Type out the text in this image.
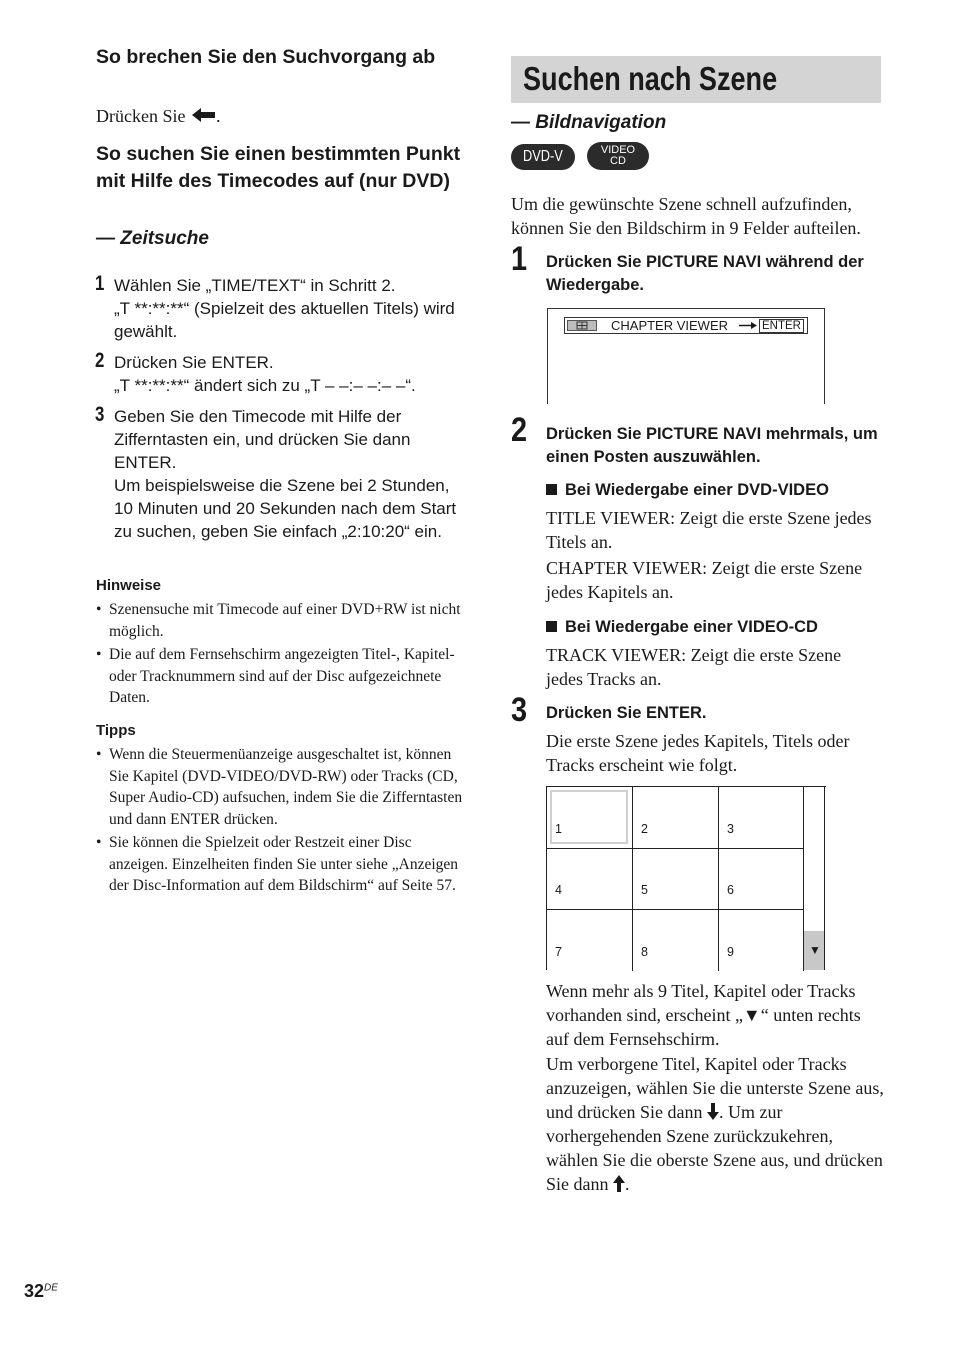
So brechen Sie den Suchvorgang ab
Drücken Sie .
So suchen Sie einen bestimmten Punkt mit Hilfe des Timecodes auf (nur DVD)
— Zeitsuche
1 Wählen Sie „TIME/TEXT“ in Schritt 2.

„T **:**:**“ (Spielzeit des aktuellen Titels) wird gewählt.

2 Drücken Sie ENTER.

„T **:**:**“ ändert sich zu „T – –:– –:– –“.

3 Geben Sie den Timecode mit Hilfe der Zifferntasten ein, und drücken Sie dann ENTER.

Um beispielsweise die Szene bei 2 Stunden, 10 Minuten und 20 Sekunden nach dem Start zu suchen, geben Sie einfach „2:10:20“ ein.

Hinweise
• Szenensuche mit Timecode auf einer DVD+RW ist nicht möglich.
• Die auf dem Fernsehschirm angezeigten Titel-, Kapitel- oder Tracknummern sind auf der Disc aufgezeichnete Daten.
Tipps
• Wenn die Steuermenüanzeige ausgeschaltet ist, können Sie Kapitel (DVD-VIDEO/DVD-RW) oder Tracks (CD, Super Audio-CD) aufsuchen, indem Sie die Zifferntasten und dann ENTER drücken.
• Sie können die Spielzeit oder Restzeit einer Disc anzeigen. Einzelheiten finden Sie unter siehe „Anzeigen der Disc-Information auf dem Bildschirm“ auf Seite 57.
Suchen nach Szene
— Bildnavigation
DVD-V	VIDEO
CD
Um die gewünschte Szene schnell aufzufinden, können Sie den Bildschirm in 9 Felder aufteilen.
1 Drücken Sie PICTURE NAVI während der Wiedergabe.
CHAPTER VIEWER	ENTER
2 Drücken Sie PICTURE NAVI mehrmals, um einen Posten auszuwählen.
Bei Wiedergabe einer DVD-VIDEO

TITLE VIEWER: Zeigt die erste Szene jedes Titels an.

CHAPTER VIEWER: Zeigt die erste Szene jedes Kapitels an.

Bei Wiedergabe einer VIDEO-CD

TRACK VIEWER: Zeigt die erste Szene jedes Tracks an.

3 Drücken Sie ENTER.
Die erste Szene jedes Kapitels, Titels oder Tracks erscheint wie folgt.
1	2	3
4	5	6
7	8	9	▼
Wenn mehr als 9 Titel, Kapitel oder Tracks vorhanden sind, erscheint „▼“ unten rechts auf dem Fernsehschirm.
Um verborgene Titel, Kapitel oder Tracks anzuzeigen, wählen Sie die unterste Szene aus, und drücken Sie dann . Um zur vorhergehenden Szene zurückzukehren, wählen Sie die oberste Szene aus, und drücken Sie dann .
32DE
